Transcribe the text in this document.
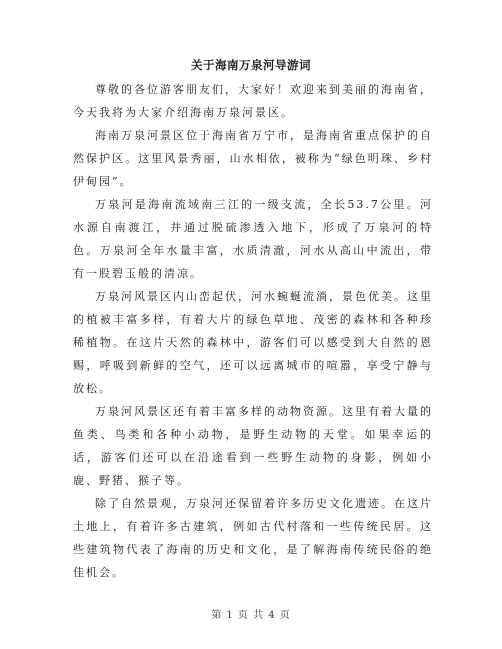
关于海南万泉河导游词

尊敬的各位游客朋友们，大家好！欢迎来到美丽的海南省，今天我将为大家介绍海南万泉河景区。

海南万泉河景区位于海南省万宁市，是海南省重点保护的自然保护区。这里风景秀丽，山水相依，被称为“绿色明珠、乡村伊甸园”。

万泉河是海南流域南三江的一级支流，全长53.7公里。河水源自南渡江，并通过脱硫渗透入地下，形成了万泉河的特色。万泉河全年水量丰富，水质清澈，河水从高山中流出，带有一股碧玉般的清凉。

万泉河风景区内山峦起伏，河水蜿蜒流淌，景色优美。这里的植被丰富多样，有着大片的绿色草地、茂密的森林和各种珍稀植物。在这片天然的森林中，游客们可以感受到大自然的恩赐，呼吸到新鲜的空气，还可以远离城市的喧嚣，享受宁静与放松。

万泉河风景区还有着丰富多样的动物资源。这里有着大量的鱼类、鸟类和各种小动物，是野生动物的天堂。如果幸运的话，游客们还可以在沿途看到一些野生动物的身影，例如小鹿、野猪、猴子等。

除了自然景观，万泉河还保留着许多历史文化遗迹。在这片土地上，有着许多古建筑，例如古代村落和一些传统民居。这些建筑物代表了海南的历史和文化，是了解海南传统民俗的绝佳机会。

第 1 页 共 4 页
